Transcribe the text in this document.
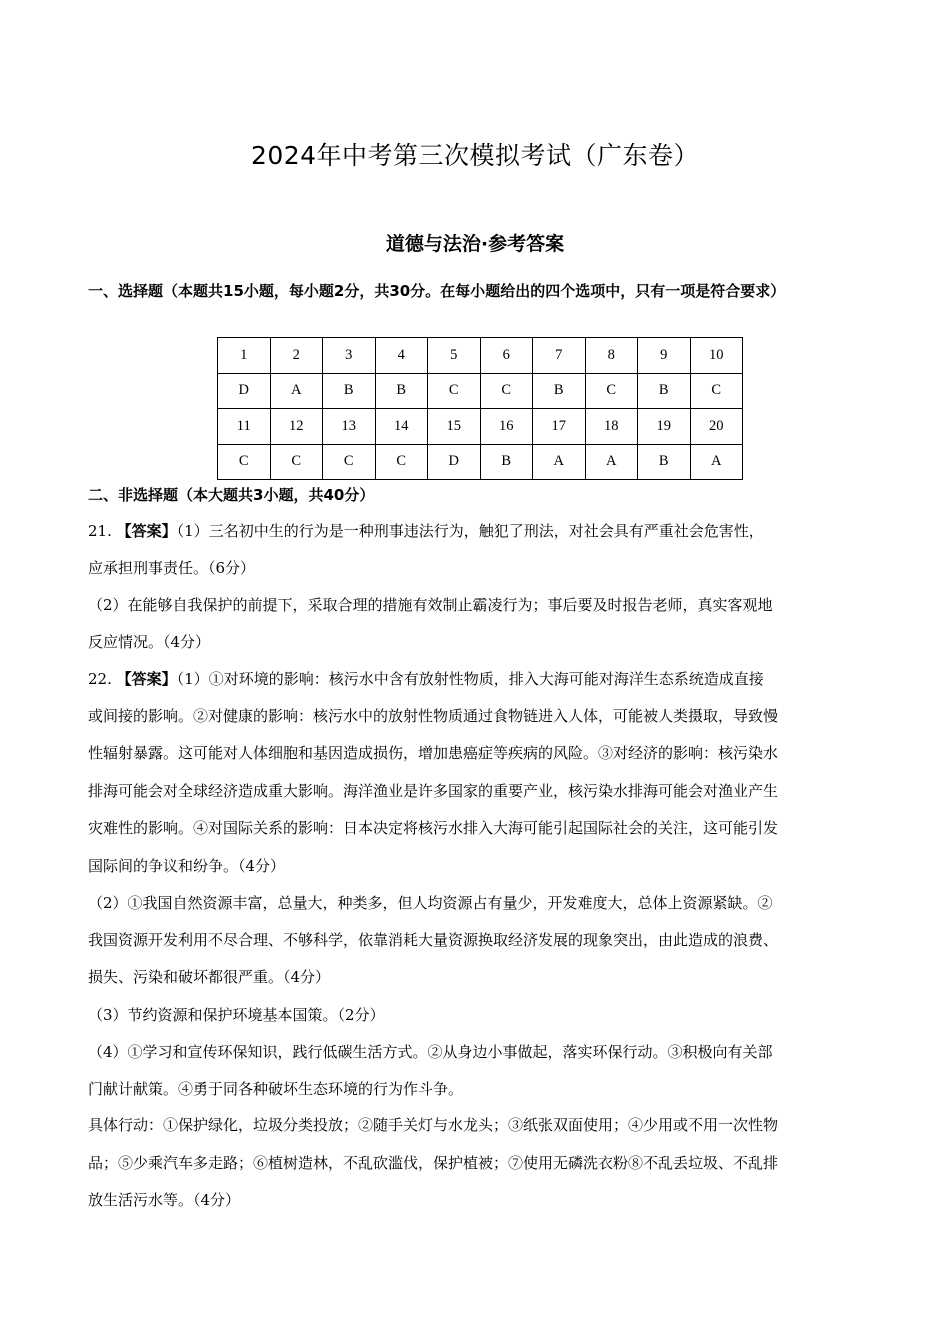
2024年中考第三次模拟考试（广东卷）
道德与法治·参考答案
一、选择题（本题共15小题，每小题2分，共30分。在每小题给出的四个选项中，只有一项是符合要求）
1	2	3	4	5	6	7	8	9	10
D	A	B	B	C	C	B	C	B	C
11	12	13	14	15	16	17	18	19	20
C	C	C	C	D	B	A	A	B	A
二、非选择题（本大题共3小题，共40分）
21. 【答案】（1）三名初中生的行为是一种刑事违法行为，触犯了刑法，对社会具有严重社会危害性，
应承担刑事责任。（6分）
（2）在能够自我保护的前提下，采取合理的措施有效制止霸凌行为；事后要及时报告老师，真实客观地
反应情况。（4分）
22. 【答案】（1）①对环境的影响：核污水中含有放射性物质，排入大海可能对海洋生态系统造成直接
或间接的影响。②对健康的影响：核污水中的放射性物质通过食物链进入人体，可能被人类摄取，导致慢
性辐射暴露。这可能对人体细胞和基因造成损伤，增加患癌症等疾病的风险。③对经济的影响：核污染水
排海可能会对全球经济造成重大影响。海洋渔业是许多国家的重要产业，核污染水排海可能会对渔业产生
灾难性的影响。④对国际关系的影响：日本决定将核污水排入大海可能引起国际社会的关注，这可能引发
国际间的争议和纷争。（4分）
（2）①我国自然资源丰富，总量大，种类多，但人均资源占有量少，开发难度大，总体上资源紧缺。②
我国资源开发利用不尽合理、不够科学，依靠消耗大量资源换取经济发展的现象突出，由此造成的浪费、
损失、污染和破坏都很严重。（4分）
（3）节约资源和保护环境基本国策。（2分）
（4）①学习和宣传环保知识，践行低碳生活方式。②从身边小事做起，落实环保行动。③积极向有关部
门献计献策。④勇于同各种破坏生态环境的行为作斗争。
具体行动：①保护绿化，垃圾分类投放；②随手关灯与水龙头；③纸张双面使用；④少用或不用一次性物
品；⑤少乘汽车多走路；⑥植树造林，不乱砍滥伐，保护植被；⑦使用无磷洗衣粉⑧不乱丢垃圾、不乱排
放生活污水等。（4分）
